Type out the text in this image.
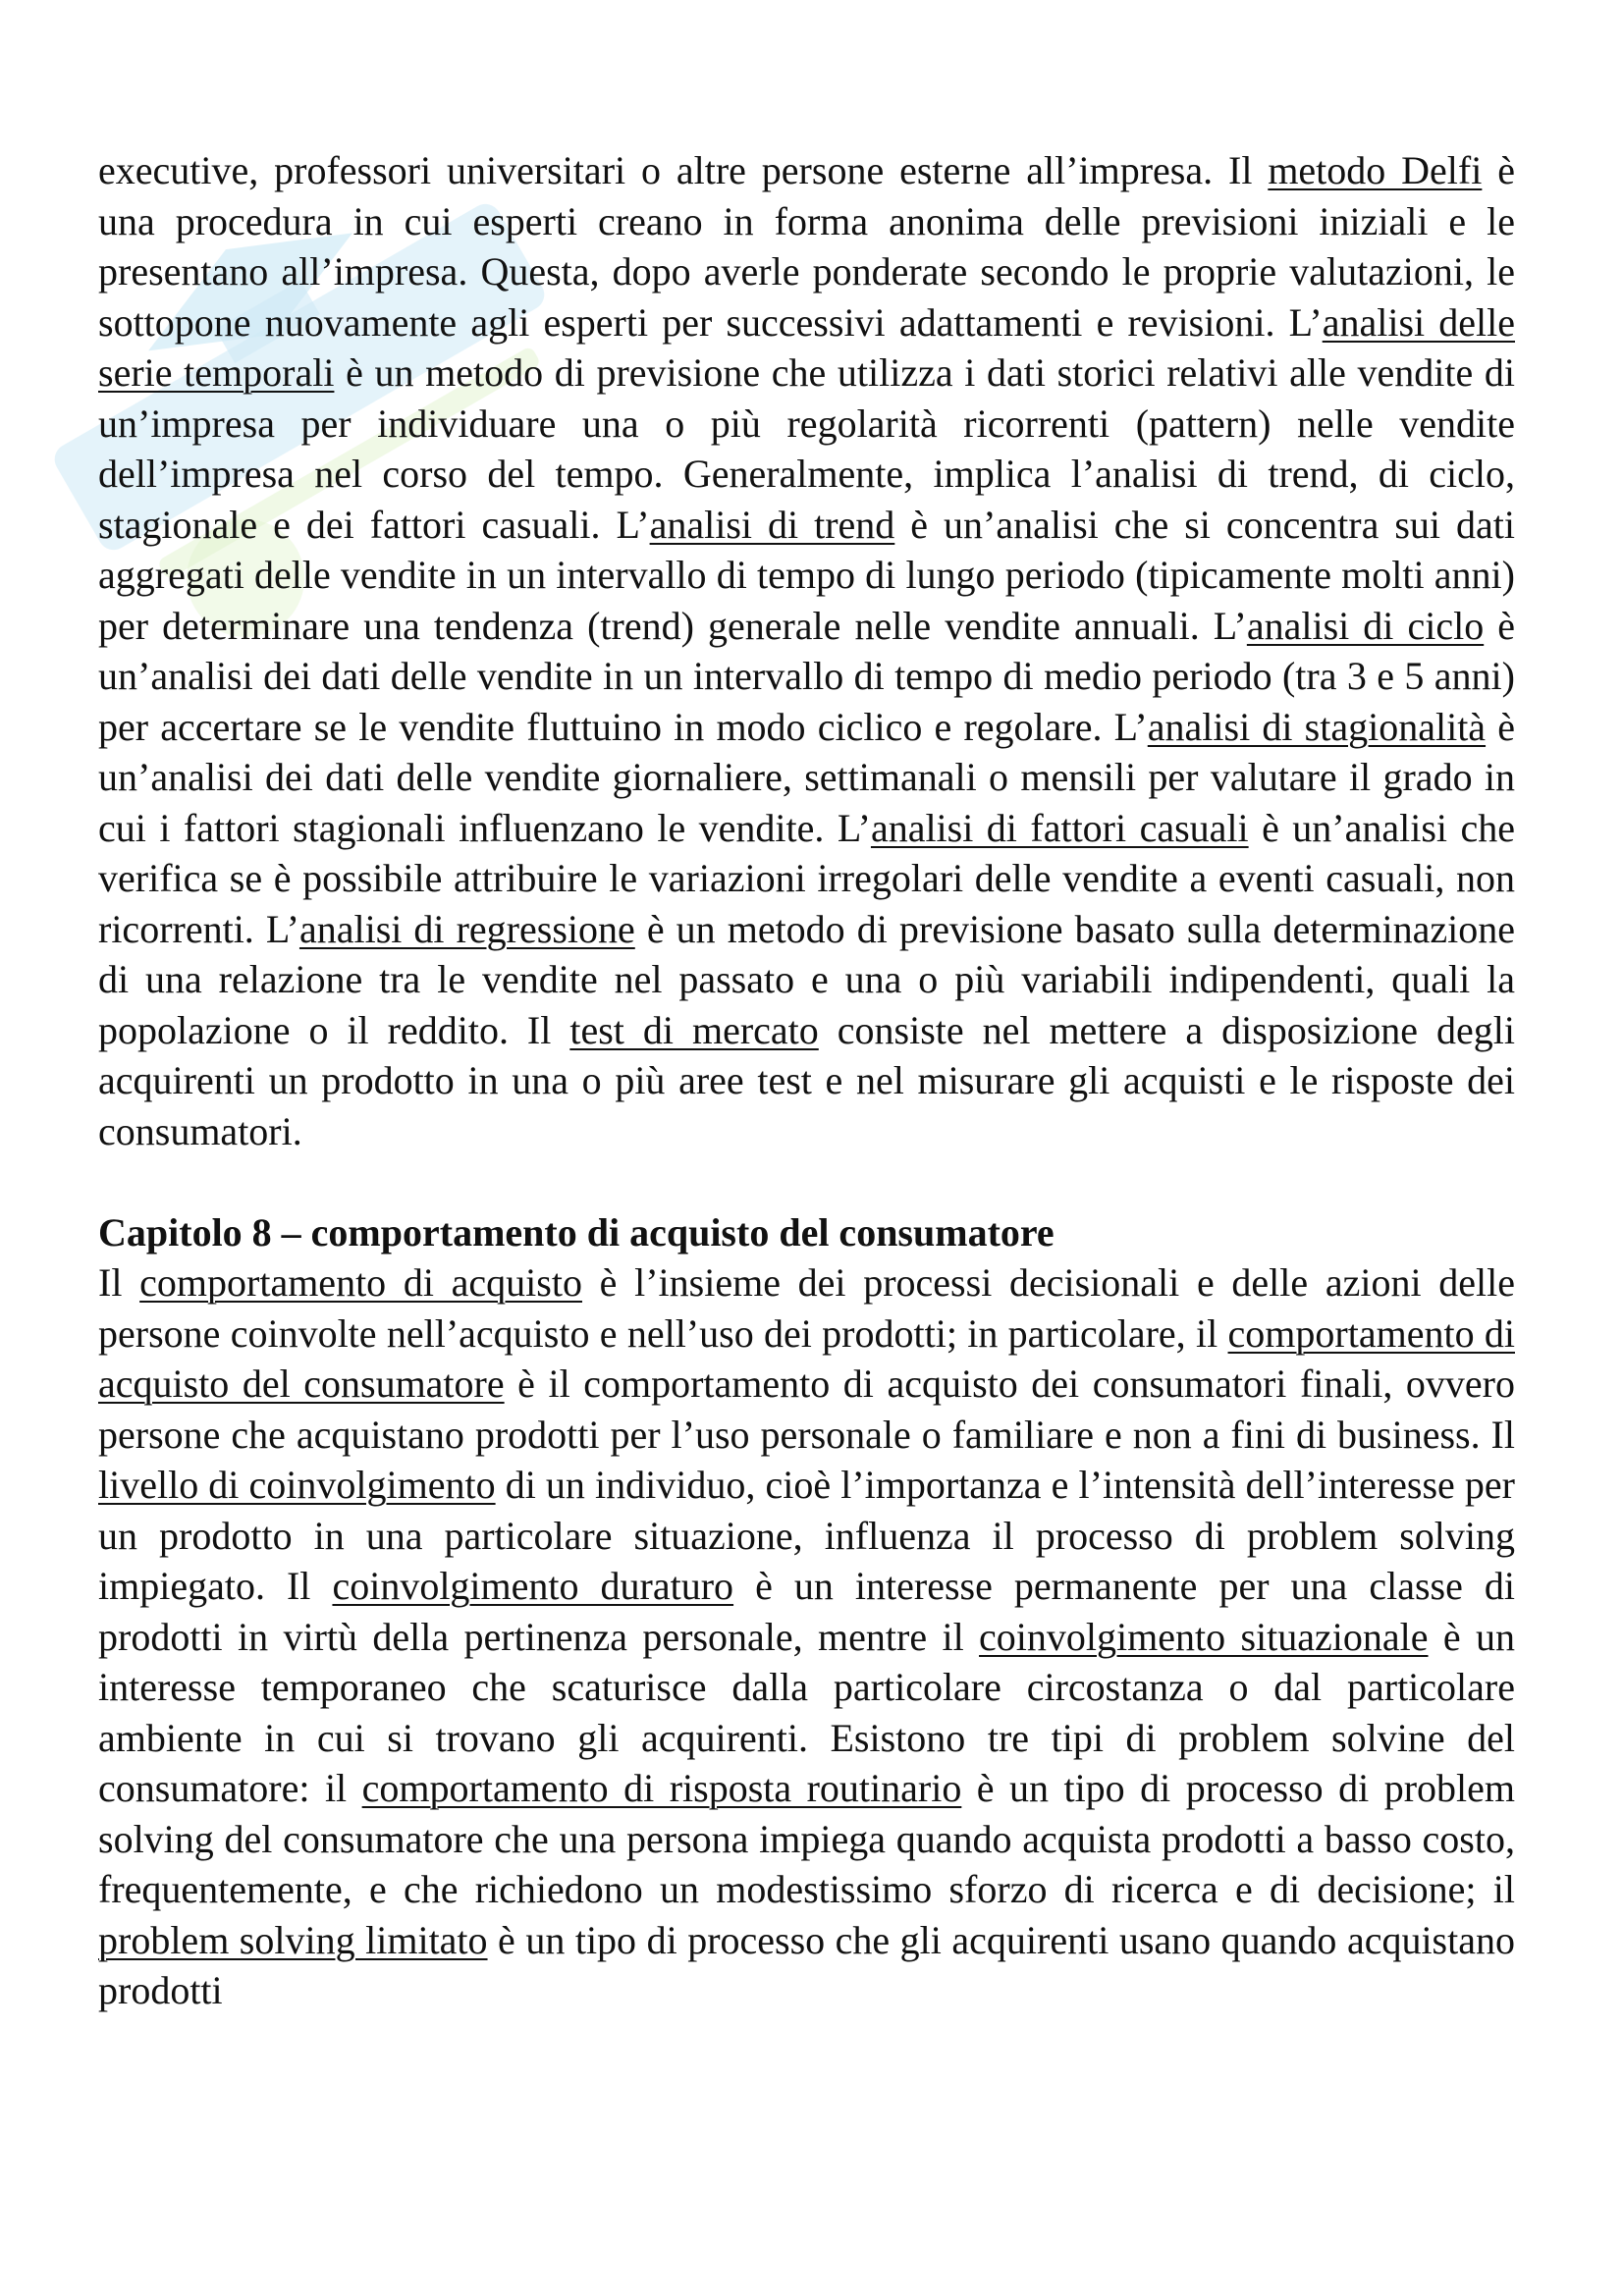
executive, professori universitari o altre persone esterne all’impresa. Il metodo Delfi è una procedura in cui esperti creano in forma anonima delle previsioni iniziali e le presentano all’impresa. Questa, dopo averle ponderate secondo le proprie valutazioni, le sottopone nuovamente agli esperti per successivi adattamenti e revisioni. L’analisi delle serie temporali è un metodo di previsione che utilizza i dati storici relativi alle vendite di un’impresa per individuare una o più regolarità ricorrenti (pattern) nelle vendite dell’impresa nel corso del tempo. Generalmente, implica l’analisi di trend, di ciclo, stagionale e dei fattori casuali. L’analisi di trend è un’analisi che si concentra sui dati aggregati delle vendite in un intervallo di tempo di lungo periodo (tipicamente molti anni) per determinare una tendenza (trend) generale nelle vendite annuali. L’analisi di ciclo è un’analisi dei dati delle vendite in un intervallo di tempo di medio periodo (tra 3 e 5 anni) per accertare se le vendite fluttuino in modo ciclico e regolare. L’analisi di stagionalità è un’analisi dei dati delle vendite giornaliere, settimanali o mensili per valutare il grado in cui i fattori stagionali influenzano le vendite. L’analisi di fattori casuali è un’analisi che verifica se è possibile attribuire le variazioni irregolari delle vendite a eventi casuali, non ricorrenti. L’analisi di regressione è un metodo di previsione basato sulla determinazione di una relazione tra le vendite nel passato e una o più variabili indipendenti, quali la popolazione o il reddito. Il test di mercato consiste nel mettere a disposizione degli acquirenti un prodotto in una o più aree test e nel misurare gli acquisti e le risposte dei consumatori.

Capitolo 8 – comportamento di acquisto del consumatore

Il comportamento di acquisto è l’insieme dei processi decisionali e delle azioni delle persone coinvolte nell’acquisto e nell’uso dei prodotti; in particolare, il comportamento di acquisto del consumatore è il comportamento di acquisto dei consumatori finali, ovvero persone che acquistano prodotti per l’uso personale o familiare e non a fini di business. Il livello di coinvolgimento di un individuo, cioè l’importanza e l’intensità dell’interesse per un prodotto in una particolare situazione, influenza il processo di problem solving impiegato. Il coinvolgimento duraturo è un interesse permanente per una classe di prodotti in virtù della pertinenza personale, mentre il coinvolgimento situazionale è un interesse temporaneo che scaturisce dalla particolare circostanza o dal particolare ambiente in cui si trovano gli acquirenti. Esistono tre tipi di problem solvine del consumatore: il comportamento di risposta routinario è un tipo di processo di problem solving del consumatore che una persona impiega quando acquista prodotti a basso costo, frequentemente, e che richiedono un modestissimo sforzo di ricerca e di decisione; il problem solving limitato è un tipo di processo che gli acquirenti usano quando acquistano prodotti
